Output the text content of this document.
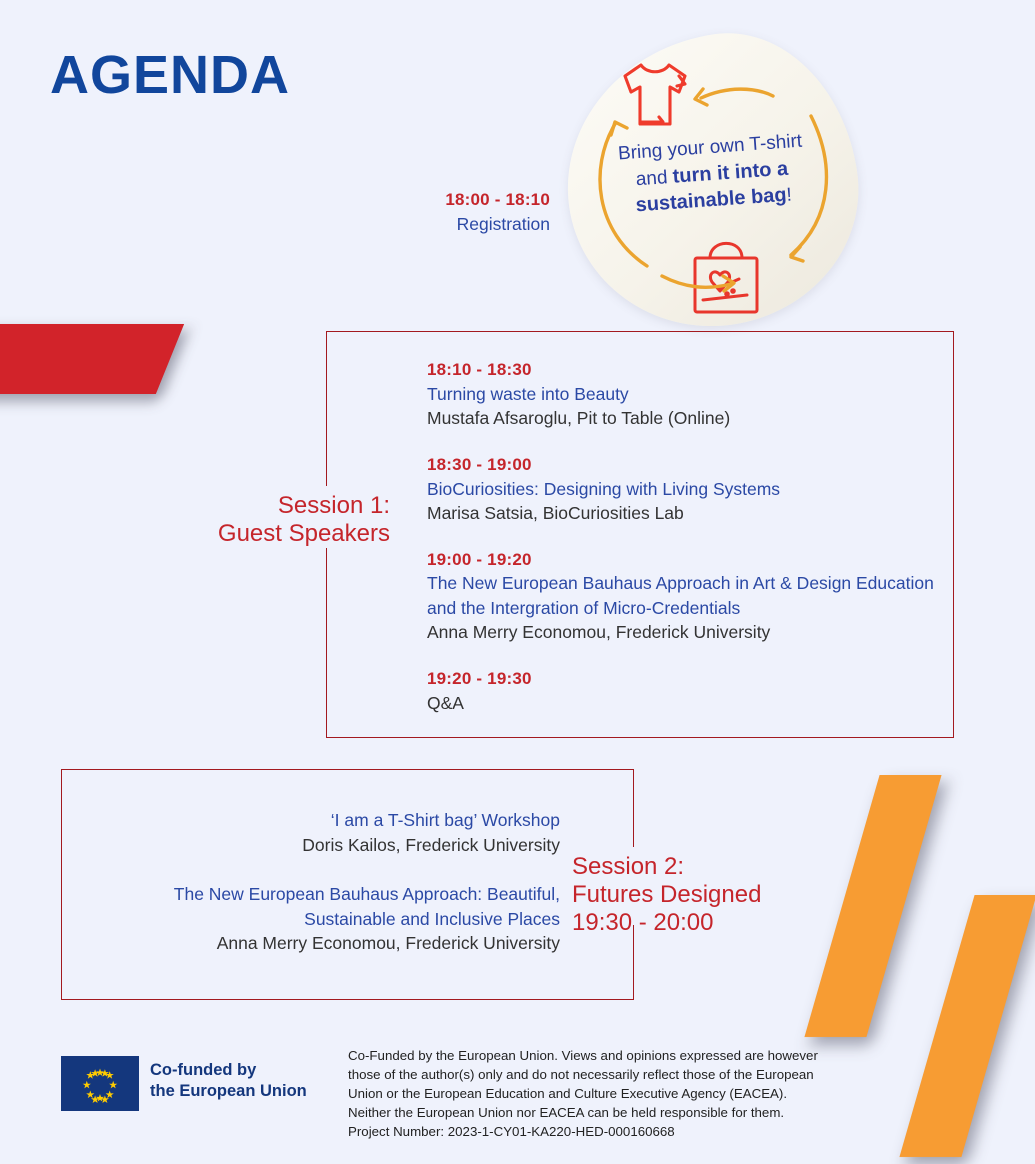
AGENDA
Bring your own T-shirt
and turn it into a
sustainable bag!
18:00 - 18:10
Registration
Session 1:
Guest Speakers
18:10 - 18:30
Turning waste into Beauty
Mustafa Afsaroglu, Pit to Table (Online)
18:30 - 19:00
BioCuriosities: Designing with Living Systems
Marisa Satsia, BioCuriosities Lab
19:00 - 19:20
The New European Bauhaus Approach in Art & Design Education and the Intergration of Micro-Credentials
Anna Merry Economou, Frederick University
19:20 - 19:30
Q&A
Session 2:
Futures Designed
19:30 - 20:00
‘I am a T-Shirt bag’ Workshop
Doris Kailos, Frederick University
The New European Bauhaus Approach: Beautiful, Sustainable and Inclusive Places
Anna Merry Economou, Frederick University
Co-funded by
the European Union
Co-Funded by the European Union. Views and opinions expressed are however
those of the author(s) only and do not necessarily reflect those of the European
Union or the European Education and Culture Executive Agency (EACEA).
Neither the European Union nor EACEA can be held responsible for them.
Project Number: 2023-1-CY01-KA220-HED-000160668
